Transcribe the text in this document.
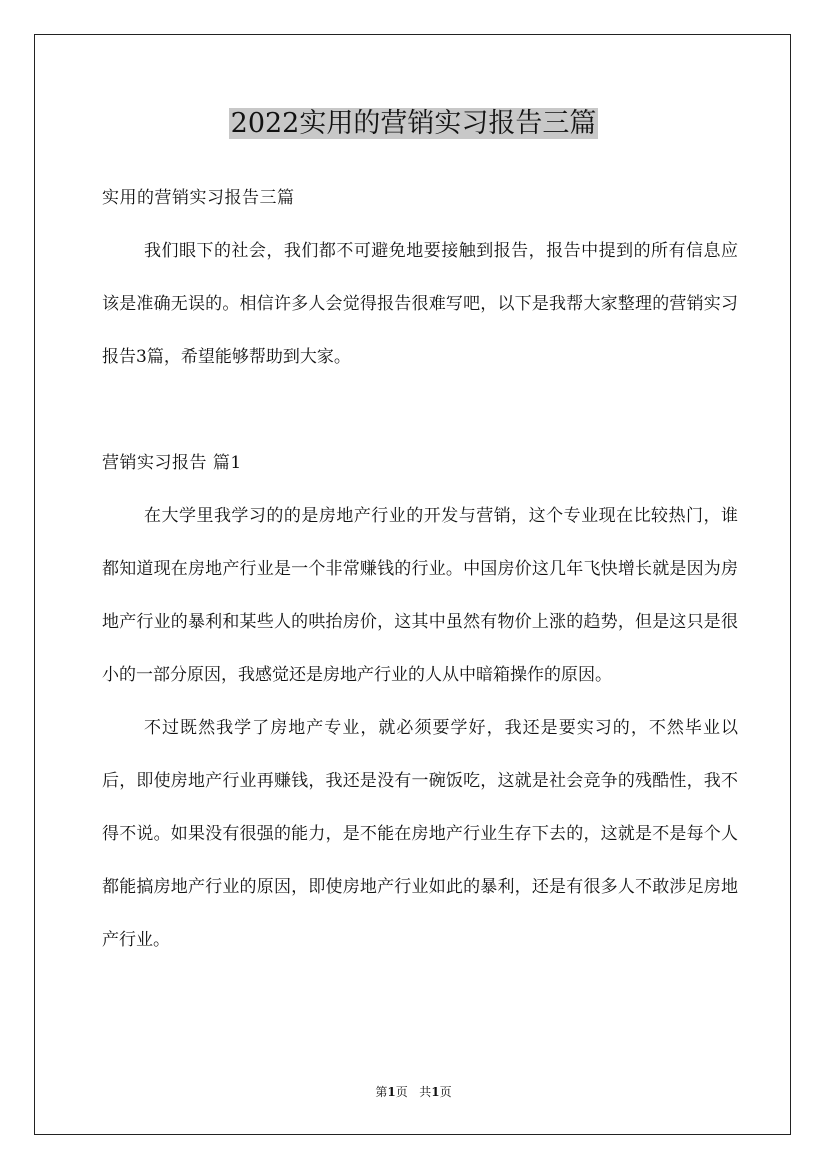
2022实用的营销实习报告三篇

实用的营销实习报告三篇

我们眼下的社会，我们都不可避免地要接触到报告，报告中提到的所有信息应该是准确无误的。相信许多人会觉得报告很难写吧，以下是我帮大家整理的营销实习报告3篇，希望能够帮助到大家。

营销实习报告 篇1

在大学里我学习的的是房地产行业的开发与营销，这个专业现在比较热门，谁都知道现在房地产行业是一个非常赚钱的行业。中国房价这几年飞快增长就是因为房地产行业的暴利和某些人的哄抬房价，这其中虽然有物价上涨的趋势，但是这只是很小的一部分原因，我感觉还是房地产行业的人从中暗箱操作的原因。

不过既然我学了房地产专业，就必须要学好，我还是要实习的，不然毕业以后，即使房地产行业再赚钱，我还是没有一碗饭吃，这就是社会竞争的残酷性，我不得不说。如果没有很强的能力，是不能在房地产行业生存下去的，这就是不是每个人都能搞房地产行业的原因，即使房地产行业如此的暴利，还是有很多人不敢涉足房地产行业。

第1页   共1页
